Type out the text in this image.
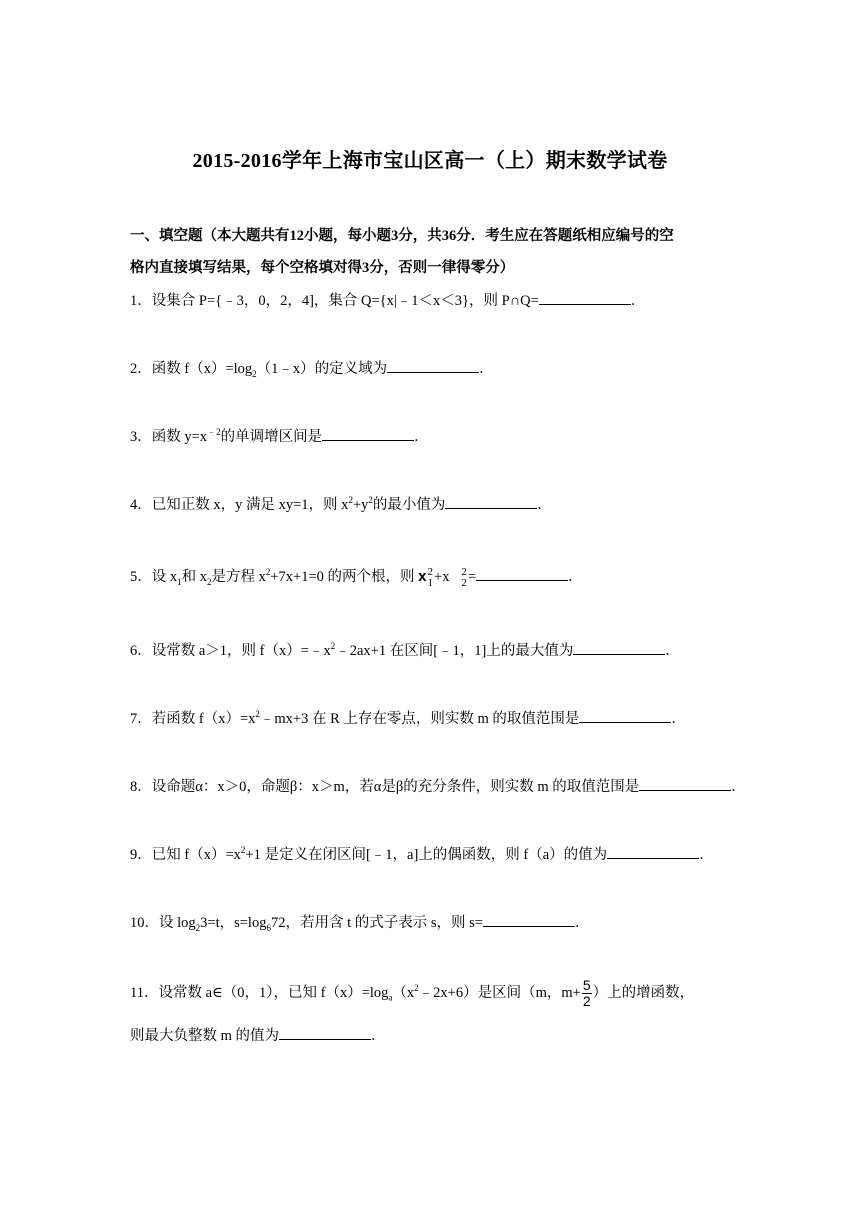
2015-2016学年上海市宝山区高一（上）期末数学试卷
一、填空题（本大题共有12小题，每小题3分，共36分．考生应在答题纸相应编号的空
格内直接填写结果，每个空格填对得3分，否则一律得零分）
1．设集合 P={﹣3，0，2，4]，集合 Q={x|﹣1＜x＜3}，则 P∩Q=	．
2．函数 $f(x)=\log_2(1﹣x)$的定义域为	．
3．函数 $y=x^{﹣2}$的单调增区间是	．
4．已知正数 x，y 满足 xy=1，则 $x^2+y^2$的最小值为	．
5．设 $x_1$和 $x_2$是方程 $x^2+7x+1=0$ 的两个根，则 x 2
1 +x 2
2 =	．
6．设常数 a＞1，则 $f(x)=﹣x^2﹣2ax+1$ 在区间[﹣1，1]上的最大值为	．
7．若函数 $f(x)=x^2﹣mx+3$ 在 R 上存在零点，则实数 m 的取值范围是	．
8．设命题α：x＞0，命题β：x＞m，若α是β的充分条件，则实数 m 的取值范围是	．
9．已知 $f(x)=x^2+1$ 是定义在闭区间[﹣1，a]上的偶函数，则 f（a）的值为	．
10．设 $\log_23=t$，$s=\log_672$，若用含 t 的式子表示 s，则 s=	．
11．设常数 a∈（0，1），已知 $f(x)=\log_a(x^2﹣2x+6)$是区间（m，$m+ \frac{5}{2}$ ）上的增函数，
则最大负整数 m 的值为	．
